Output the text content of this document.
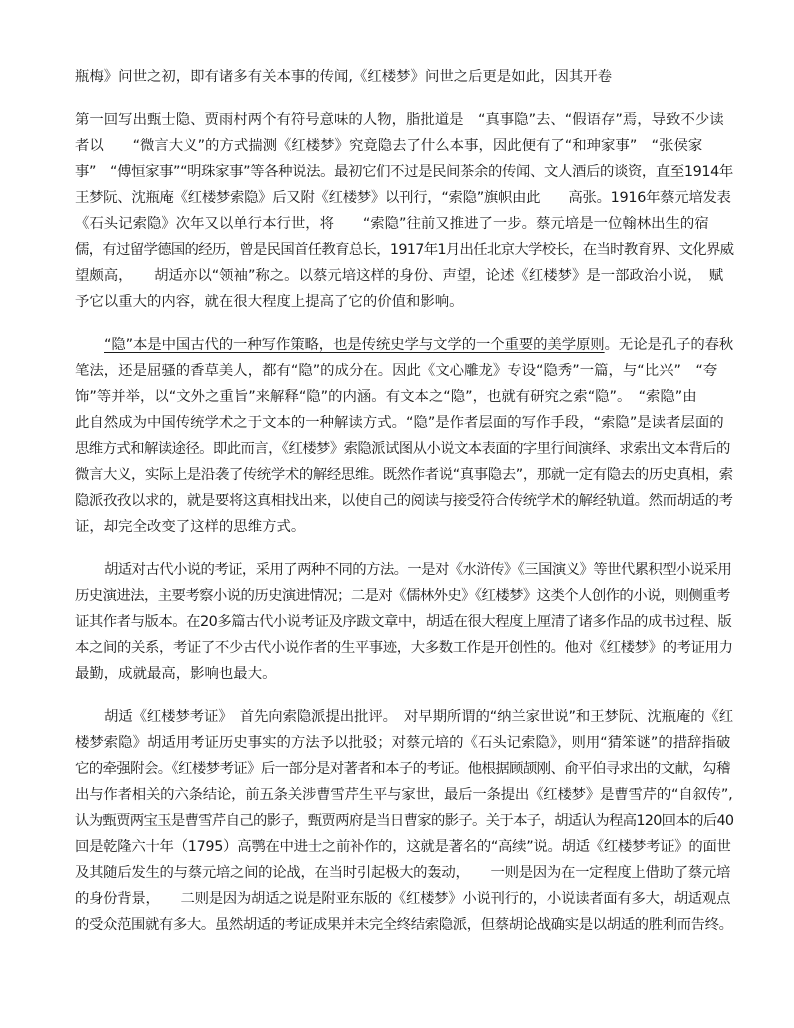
瓶梅》问世之初，即有诸多有关本事的传闻,《红楼梦》问世之后更是如此，因其开卷
第一回写出甄士隐、贾雨村两个有符号意味的人物，脂批道是　“真事隐”去、“假语存”焉，导致不少读
者以　　“微言大义”的方式揣测《红楼梦》究竟隐去了什么本事，因此便有了“和珅家事”　“张侯家
事”　“傅恒家事”“明珠家事”等各种说法。最初它们不过是民间茶余的传闻、文人酒后的谈资，直至1914年
王梦阮、沈瓶庵《红楼梦索隐》后又附《红楼梦》以刊行，“索隐”旗帜由此　　高张。1916年蔡元培发表
《石头记索隐》次年又以单行本行世，将　　“索隐”往前又推进了一步。蔡元培是一位翰林出生的宿
儒，有过留学德国的经历，曾是民国首任教育总长，1917年1月出任北京大学校长，在当时教育界、文化界威
望颇高，　　胡适亦以“领袖”称之。以蔡元培这样的身份、声望，论述《红楼梦》是一部政治小说，　赋
予它以重大的内容，就在很大程度上提高了它的价值和影响。
“隐”本是中国古代的一种写作策略，也是传统史学与文学的一个重要的美学原则。无论是孔子的春秋
笔法，还是屈骚的香草美人，都有“隐”的成分在。因此《文心雕龙》专设“隐秀”一篇，与“比兴”　“夸
饰”等并举，以“文外之重旨”来解释“隐”的内涵。有文本之“隐”，也就有研究之索“隐”。　“索隐”由
此自然成为中国传统学术之于文本的一种解读方式。“隐”是作者层面的写作手段，“索隐”是读者层面的
思维方式和解读途径。即此而言，《红楼梦》索隐派试图从小说文本表面的字里行间演绎、求索出文本背后的
微言大义，实际上是沿袭了传统学术的解经思维。既然作者说“真事隐去”，那就一定有隐去的历史真相，索
隐派孜孜以求的，就是要将这真相找出来，以使自己的阅读与接受符合传统学术的解经轨道。然而胡适的考
证，却完全改变了这样的思维方式。
胡适对古代小说的考证，采用了两种不同的方法。一是对《水浒传》《三国演义》等世代累积型小说采用
历史演进法，主要考察小说的历史演进情况；二是对《儒林外史》《红楼梦》这类个人创作的小说，则侧重考
证其作者与版本。在20多篇古代小说考证及序跋文章中，胡适在很大程度上厘清了诸多作品的成书过程、版
本之间的关系，考证了不少古代小说作者的生平事迹，大多数工作是开创性的。他对《红楼梦》的考证用力
最勤，成就最高，影响也最大。
胡适《红楼梦考证》　首先向索隐派提出批评。　对早期所谓的“纳兰家世说”和王梦阮、沈瓶庵的《红
楼梦索隐》胡适用考证历史事实的方法予以批驳；对蔡元培的《石头记索隐》，则用“猜笨谜”的措辞指破
它的牵强附会。《红楼梦考证》后一部分是对著者和本子的考证。他根据顾颉刚、俞平伯寻求出的文献，勾稽
出与作者相关的六条结论，前五条关涉曹雪芹生平与家世，最后一条提出《红楼梦》是曹雪芹的“自叙传”,
认为甄贾两宝玉是曹雪芹自己的影子，甄贾两府是当日曹家的影子。关于本子，胡适认为程高120回本的后40
回是乾隆六十年（1795）高鹗在中进士之前补作的，这就是著名的“高续”说。胡适《红楼梦考证》的面世
及其随后发生的与蔡元培之间的论战，在当时引起极大的轰动，　　一则是因为在一定程度上借助了蔡元培
的身份背景，　　二则是因为胡适之说是附亚东版的《红楼梦》小说刊行的，小说读者面有多大，胡适观点
的受众范围就有多大。虽然胡适的考证成果并未完全终结索隐派，但蔡胡论战确实是以胡适的胜利而告终。
